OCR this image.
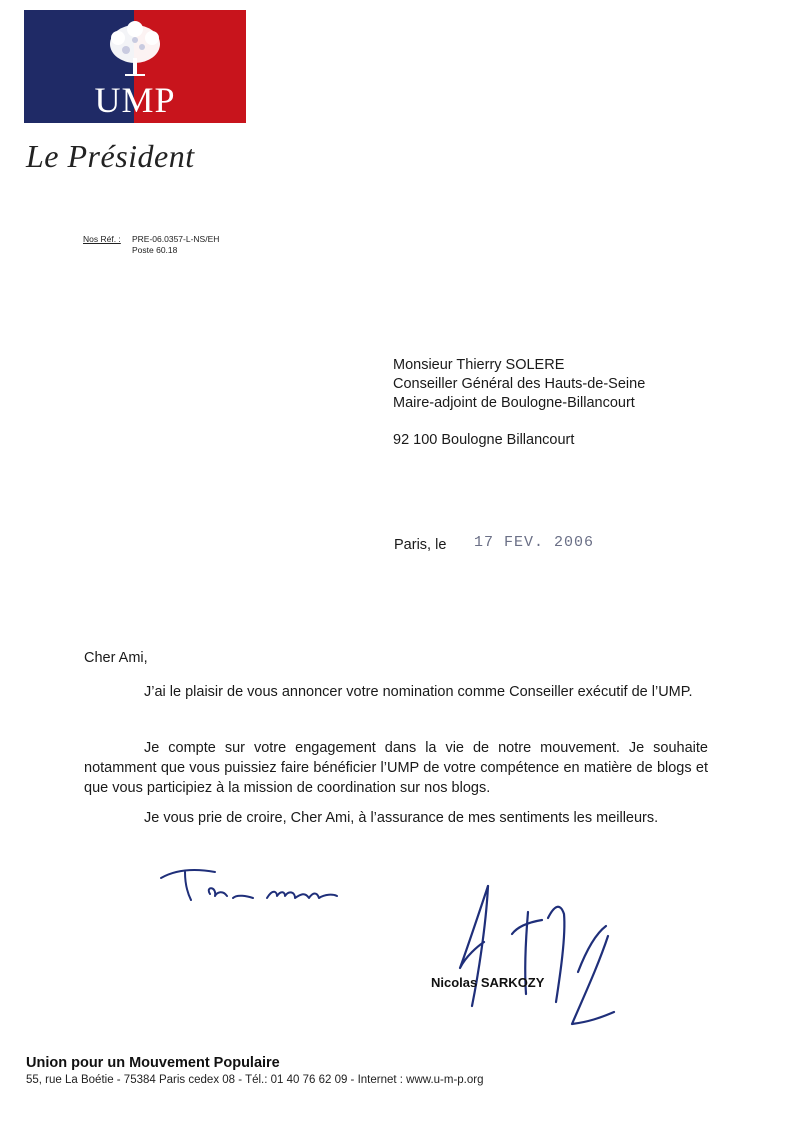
UMP
Le Président
Nos Réf. : PRE-06.0357-L-NS/EH
Poste 60.18
Monsieur Thierry SOLERE
Conseiller Général des Hauts-de-Seine
Maire-adjoint de Boulogne-Billancourt
92 100 Boulogne Billancourt
Paris, le 17 FEV. 2006
Cher Ami,
J’ai le plaisir de vous annoncer votre nomination comme Conseiller exécutif de l’UMP.
Je compte sur votre engagement dans la vie de notre mouvement. Je souhaite notamment que vous puissiez faire bénéficier l’UMP de votre compétence en matière de blogs et que vous participiez à la mission de coordination sur nos blogs.
Je vous prie de croire, Cher Ami, à l’assurance de mes sentiments les meilleurs.
Nicolas SARKOZY
Union pour un Mouvement Populaire
55, rue La Boétie - 75384 Paris cedex 08 - Tél.: 01 40 76 62 09 - Internet : www.u-m-p.org
